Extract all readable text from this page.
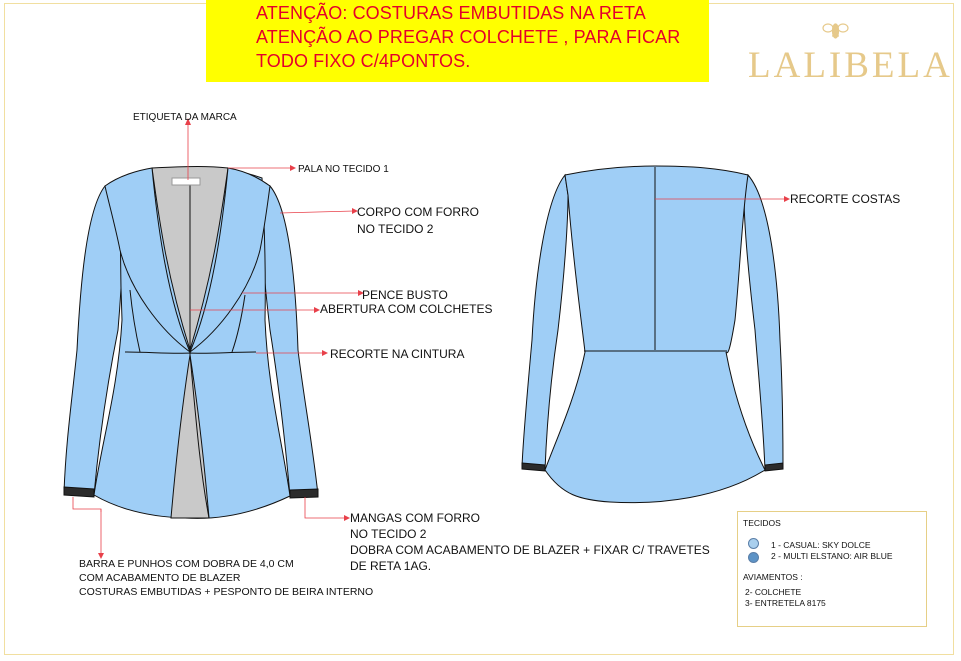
ATENÇÃO: COSTURAS EMBUTIDAS NA RETA
ATENÇÃO AO PREGAR COLCHETE , PARA FICAR
TODO FIXO C/4PONTOS.	LALIBELA
ETIQUETA DA MARCA
PALA NO TECIDO 1
CORPO COM FORRO
NO TECIDO 2
PENCE BUSTO
ABERTURA COM COLCHETES
RECORTE NA CINTURA
MANGAS COM FORRO
NO TECIDO 2
DOBRA COM ACABAMENTO DE BLAZER + FIXAR C/ TRAVETES
DE RETA 1AG.
BARRA E PUNHOS COM DOBRA DE 4,0 CM
COM ACABAMENTO DE BLAZER
COSTURAS EMBUTIDAS + PESPONTO DE BEIRA INTERNO
RECORTE COSTAS
TECIDOS
1 - CASUAL: SKY DOLCE
2 - MULTI ELSTANO: AIR BLUE
AVIAMENTOS :
2- COLCHETE
3- ENTRETELA 8175
